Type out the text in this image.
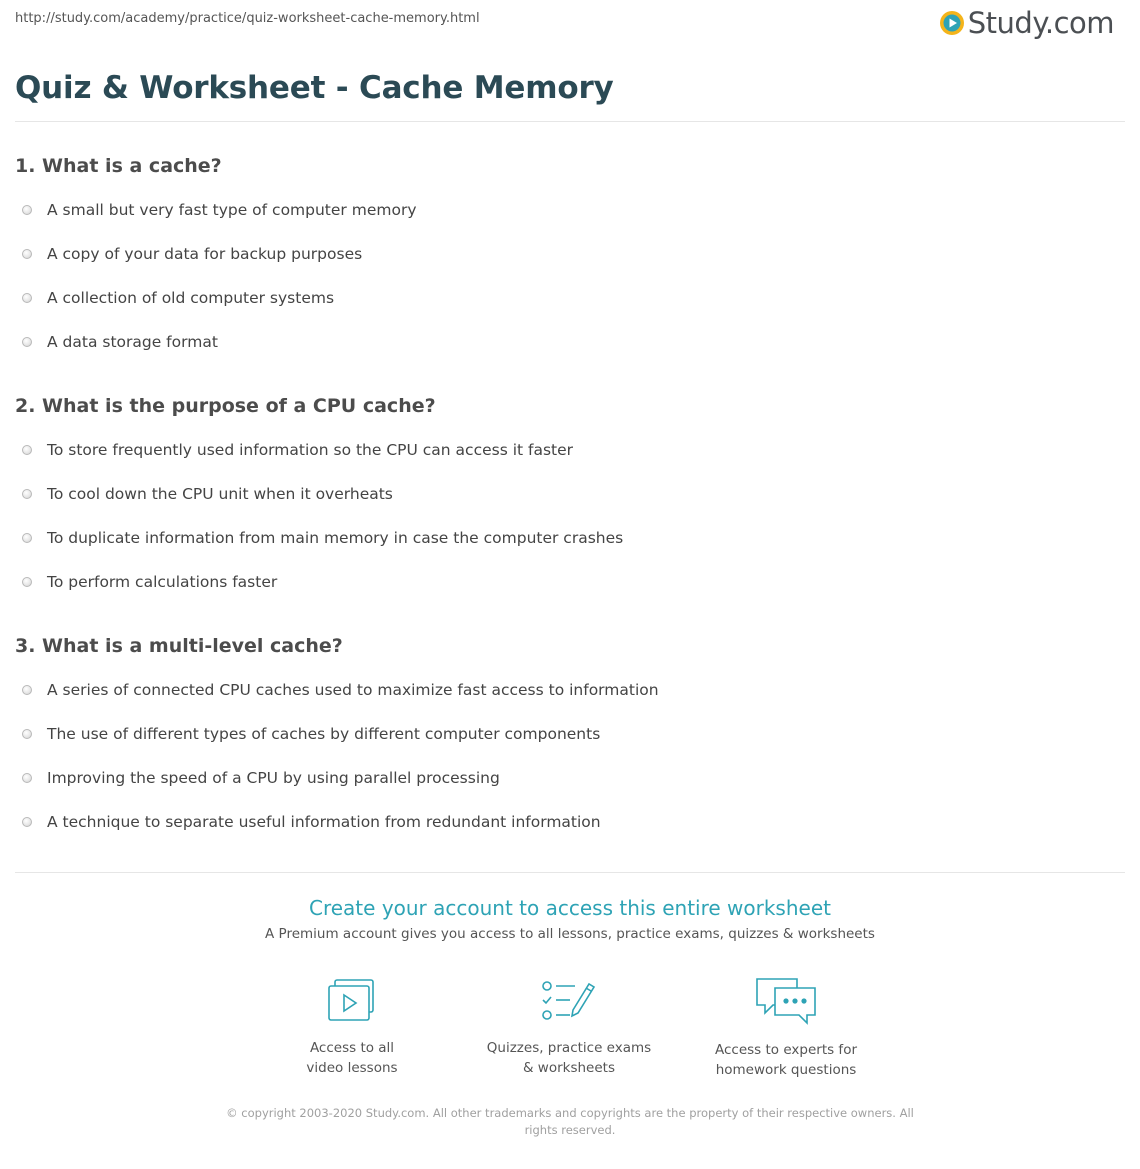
http://study.com/academy/practice/quiz-worksheet-cache-memory.html	Study.com
Quiz & Worksheet - Cache Memory
1. What is a cache?
A small but very fast type of computer memory
A copy of your data for backup purposes
A collection of old computer systems
A data storage format
2. What is the purpose of a CPU cache?
To store frequently used information so the CPU can access it faster
To cool down the CPU unit when it overheats
To duplicate information from main memory in case the computer crashes
To perform calculations faster
3. What is a multi-level cache?
A series of connected CPU caches used to maximize fast access to information
The use of different types of caches by different computer components
Improving the speed of a CPU by using parallel processing
A technique to separate useful information from redundant information
Create your account to access this entire worksheet
A Premium account gives you access to all lessons, practice exams, quizzes & worksheets
Access to all
video lessons
Quizzes, practice exams
& worksheets
Access to experts for
homework questions
© copyright 2003-2020 Study.com. All other trademarks and copyrights are the property of their respective owners. All rights reserved.
